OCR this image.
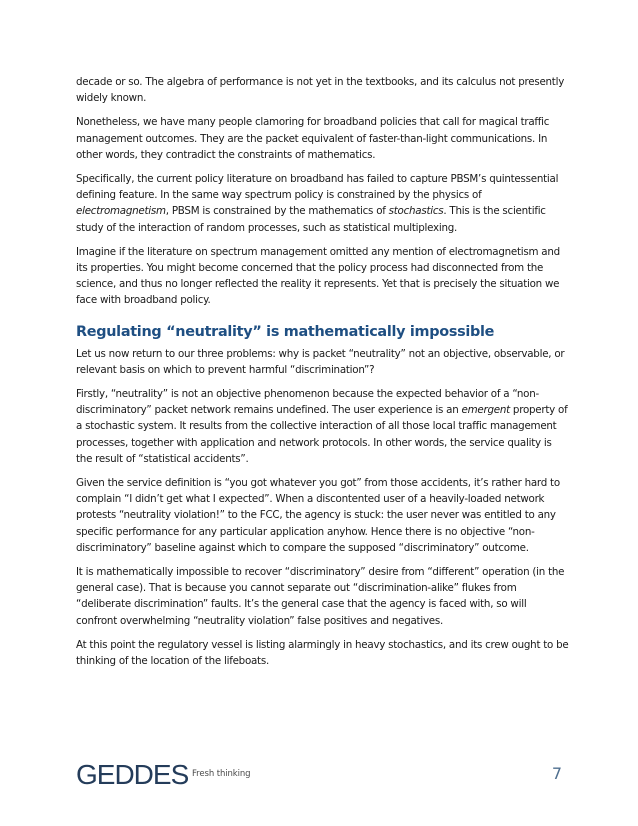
decade or so. The algebra of performance is not yet in the textbooks, and its calculus not presently widely known.

Nonetheless, we have many people clamoring for broadband policies that call for magical traffic management outcomes. They are the packet equivalent of faster-than-light communications. In other words, they contradict the constraints of mathematics.

Specifically, the current policy literature on broadband has failed to capture PBSM’s quintessential defining feature. In the same way spectrum policy is constrained by the physics of electromagnetism, PBSM is constrained by the mathematics of stochastics. This is the scientific study of the interaction of random processes, such as statistical multiplexing.

Imagine if the literature on spectrum management omitted any mention of electromagnetism and its properties. You might become concerned that the policy process had disconnected from the science, and thus no longer reflected the reality it represents. Yet that is precisely the situation we face with broadband policy.

Regulating “neutrality” is mathematically impossible

Let us now return to our three problems: why is packet “neutrality” not an objective, observable, or relevant basis on which to prevent harmful “discrimination”?

Firstly, “neutrality” is not an objective phenomenon because the expected behavior of a “non-discriminatory” packet network remains undefined. The user experience is an emergent property of a stochastic system. It results from the collective interaction of all those local traffic management processes, together with application and network protocols. In other words, the service quality is the result of “statistical accidents”.

Given the service definition is “you got whatever you got” from those accidents, it’s rather hard to complain “I didn’t get what I expected”. When a discontented user of a heavily-loaded network protests “neutrality violation!” to the FCC, the agency is stuck: the user never was entitled to any specific performance for any particular application anyhow. Hence there is no objective “non-discriminatory” baseline against which to compare the supposed “discriminatory” outcome.

It is mathematically impossible to recover “discriminatory” desire from “different” operation (in the general case). That is because you cannot separate out “discrimination-alike” flukes from “deliberate discrimination” faults. It’s the general case that the agency is faced with, so will confront overwhelming “neutrality violation” false positives and negatives.

At this point the regulatory vessel is listing alarmingly in heavy stochastics, and its crew ought to be thinking of the location of the lifeboats.

GEDDES Fresh thinking	7
